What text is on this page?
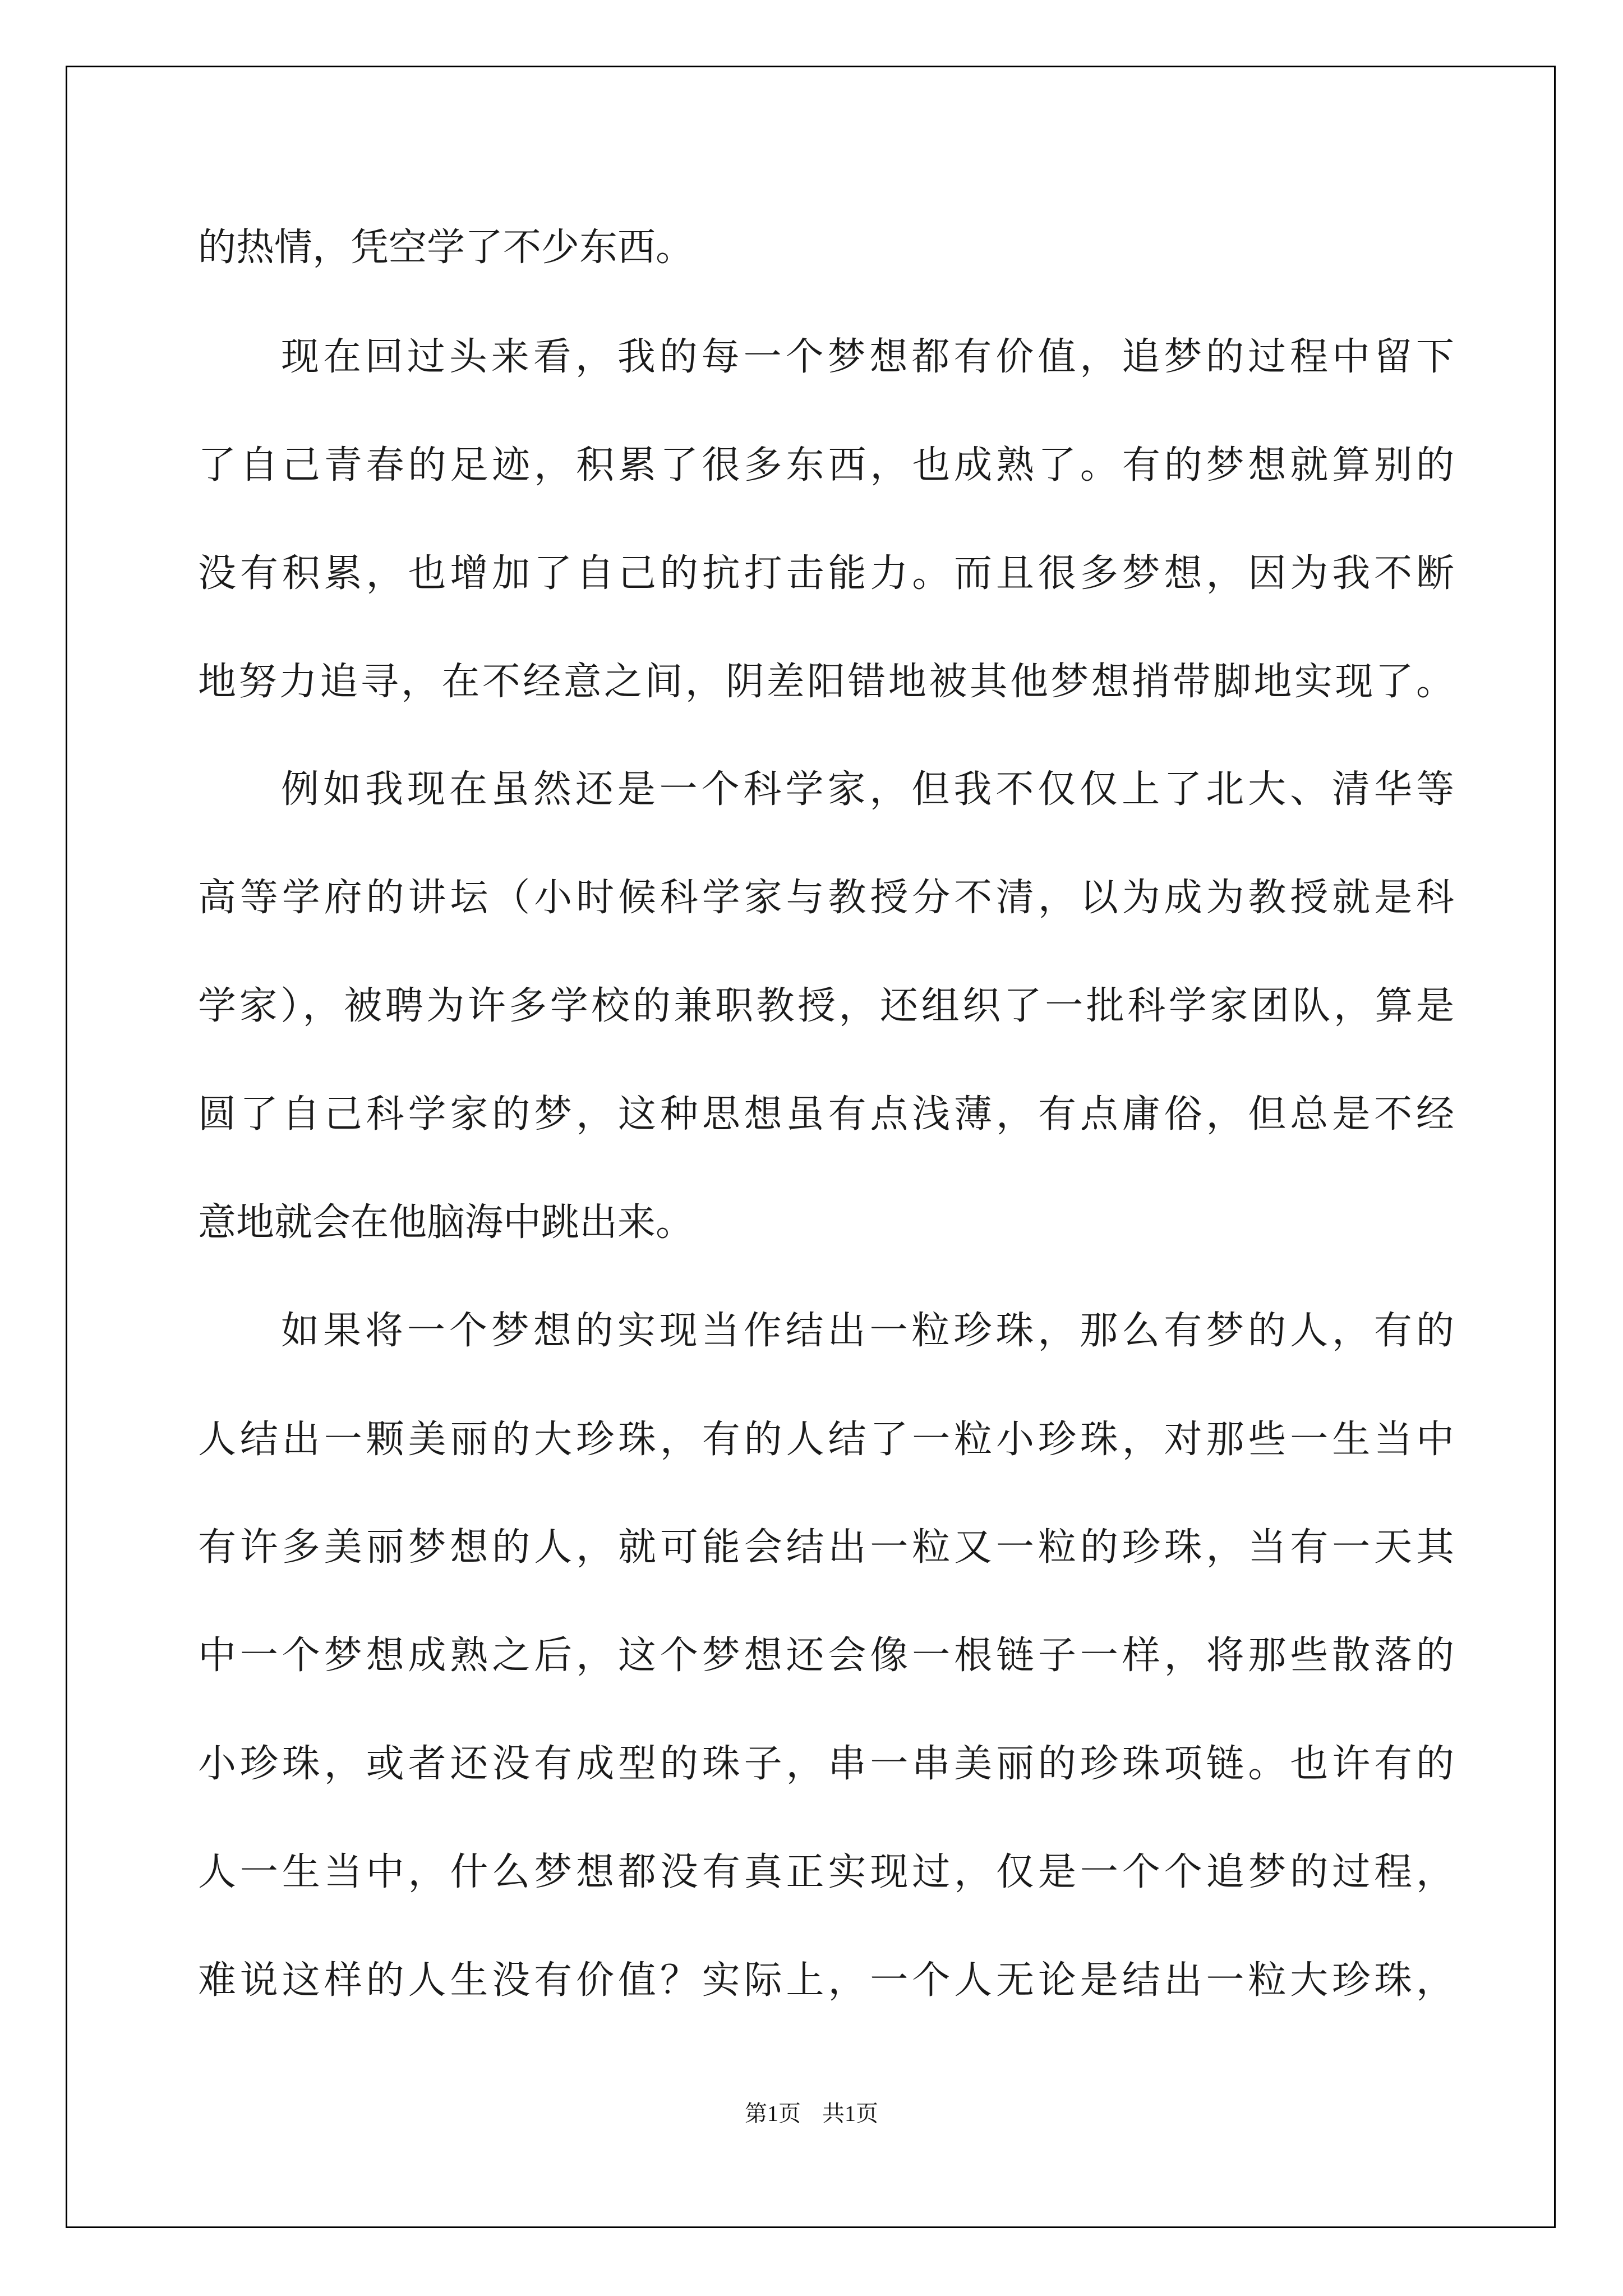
的热情，凭空学了不少东西。

现在回过头来看，我的每一个梦想都有价值，追梦的过程中留下

了自己青春的足迹，积累了很多东西，也成熟了。有的梦想就算别的

没有积累，也增加了自己的抗打击能力。而且很多梦想，因为我不断

地努力追寻，在不经意之间，阴差阳错地被其他梦想捎带脚地实现了。

例如我现在虽然还是一个科学家，但我不仅仅上了北大、清华等

高等学府的讲坛（小时候科学家与教授分不清，以为成为教授就是科

学家），被聘为许多学校的兼职教授，还组织了一批科学家团队，算是

圆了自己科学家的梦，这种思想虽有点浅薄，有点庸俗，但总是不经

意地就会在他脑海中跳出来。

如果将一个梦想的实现当作结出一粒珍珠，那么有梦的人，有的

人结出一颗美丽的大珍珠，有的人结了一粒小珍珠，对那些一生当中

有许多美丽梦想的人，就可能会结出一粒又一粒的珍珠，当有一天其

中一个梦想成熟之后，这个梦想还会像一根链子一样，将那些散落的

小珍珠，或者还没有成型的珠子，串一串美丽的珍珠项链。也许有的

人一生当中，什么梦想都没有真正实现过，仅是一个个追梦的过程，

难说这样的人生没有价值？实际上，一个人无论是结出一粒大珍珠，

第1页 共1页
